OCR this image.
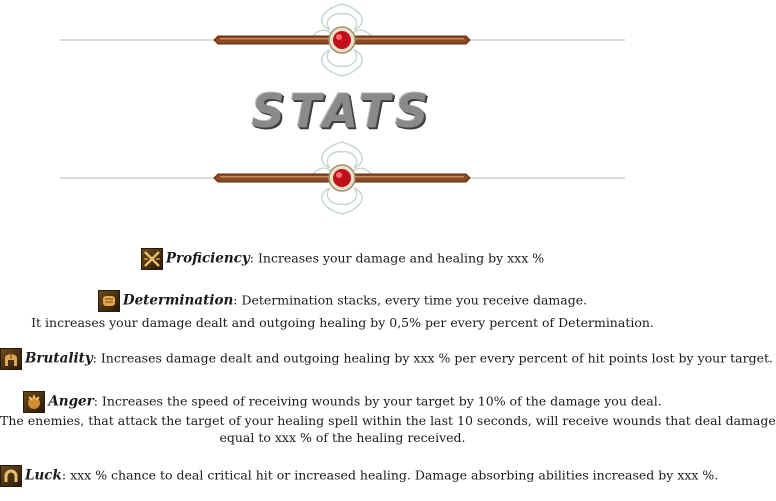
STATS
Proficiency: Increases your damage and healing by xxx %
Determination: Determination stacks, every time you receive damage.
It increases your damage dealt and outgoing healing by 0,5% per every percent of Determination.
Brutality: Increases damage dealt and outgoing healing by xxx % per every percent of hit points lost by your target.
Anger: Increases the speed of receiving wounds by your target by 10% of the damage you deal.
The enemies, that attack the target of your healing spell within the last 10 seconds, will receive wounds that deal damage
equal to xxx % of the healing received.
Luck: xxx % chance to deal critical hit or increased healing. Damage absorbing abilities increased by xxx %.
